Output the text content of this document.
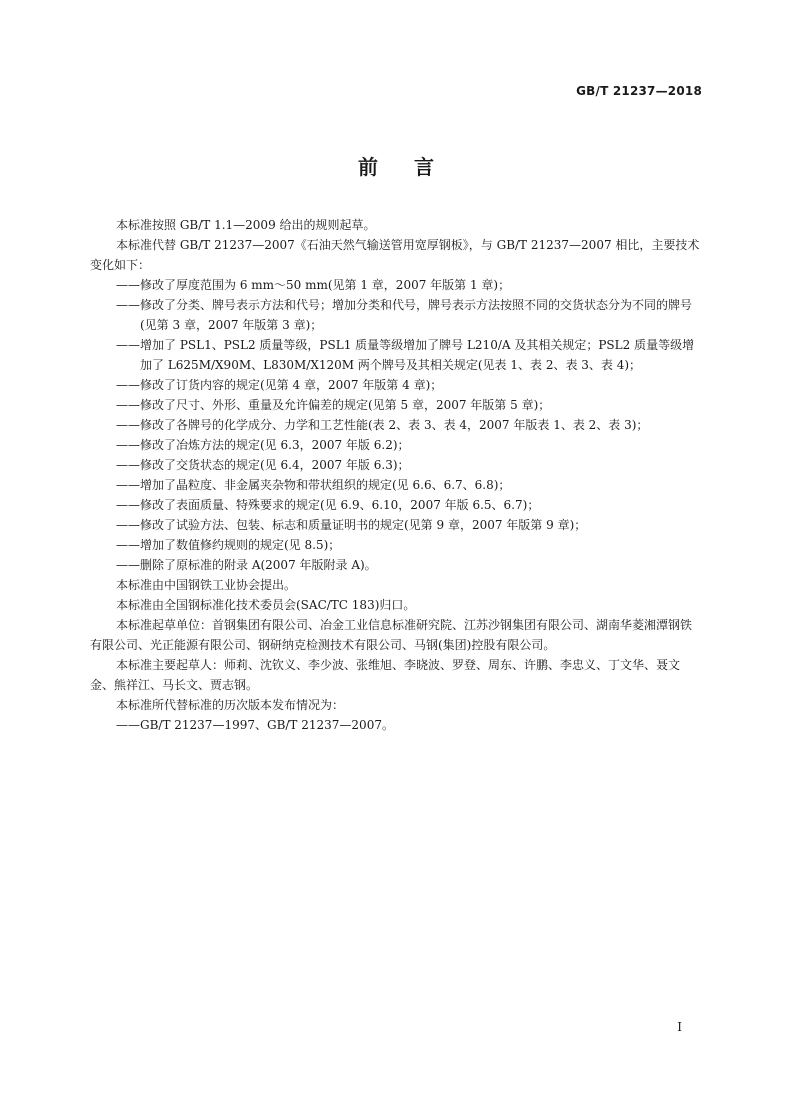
GB/T 21237—2018
前言

本标准按照 GB/T 1.1—2009 给出的规则起草。

本标准代替 GB/T 21237—2007《石油天然气输送管用宽厚钢板》，与 GB/T 21237—2007 相比，主要技术变化如下：

——修改了厚度范围为 6 mm～50 mm(见第 1 章，2007 年版第 1 章)；

——修改了分类、牌号表示方法和代号；增加分类和代号，牌号表示方法按照不同的交货状态分为不同的牌号(见第 3 章，2007 年版第 3 章)；

——增加了 PSL1、PSL2 质量等级，PSL1 质量等级增加了牌号 L210/A 及其相关规定；PSL2 质量等级增加了 L625M/X90M、L830M/X120M 两个牌号及其相关规定(见表 1、表 2、表 3、表 4)；

——修改了订货内容的规定(见第 4 章，2007 年版第 4 章)；

——修改了尺寸、外形、重量及允许偏差的规定(见第 5 章，2007 年版第 5 章)；

——修改了各牌号的化学成分、力学和工艺性能(表 2、表 3、表 4，2007 年版表 1、表 2、表 3)；

——修改了冶炼方法的规定(见 6.3，2007 年版 6.2)；

——修改了交货状态的规定(见 6.4，2007 年版 6.3)；

——增加了晶粒度、非金属夹杂物和带状组织的规定(见 6.6、6.7、6.8)；

——修改了表面质量、特殊要求的规定(见 6.9、6.10，2007 年版 6.5、6.7)；

——修改了试验方法、包装、标志和质量证明书的规定(见第 9 章，2007 年版第 9 章)；

——增加了数值修约规则的规定(见 8.5)；

——删除了原标准的附录 A(2007 年版附录 A)。

本标准由中国钢铁工业协会提出。

本标准由全国钢标准化技术委员会(SAC/TC 183)归口。

本标准起草单位：首钢集团有限公司、冶金工业信息标准研究院、江苏沙钢集团有限公司、湖南华菱湘潭钢铁有限公司、光正能源有限公司、钢研纳克检测技术有限公司、马钢(集团)控股有限公司。

本标准主要起草人：师莉、沈钦义、李少波、张维旭、李晓波、罗登、周东、许鹏、李忠义、丁文华、聂文金、熊祥江、马长文、贾志钢。

本标准所代替标准的历次版本发布情况为：

——GB/T 21237—1997、GB/T 21237—2007。

I
